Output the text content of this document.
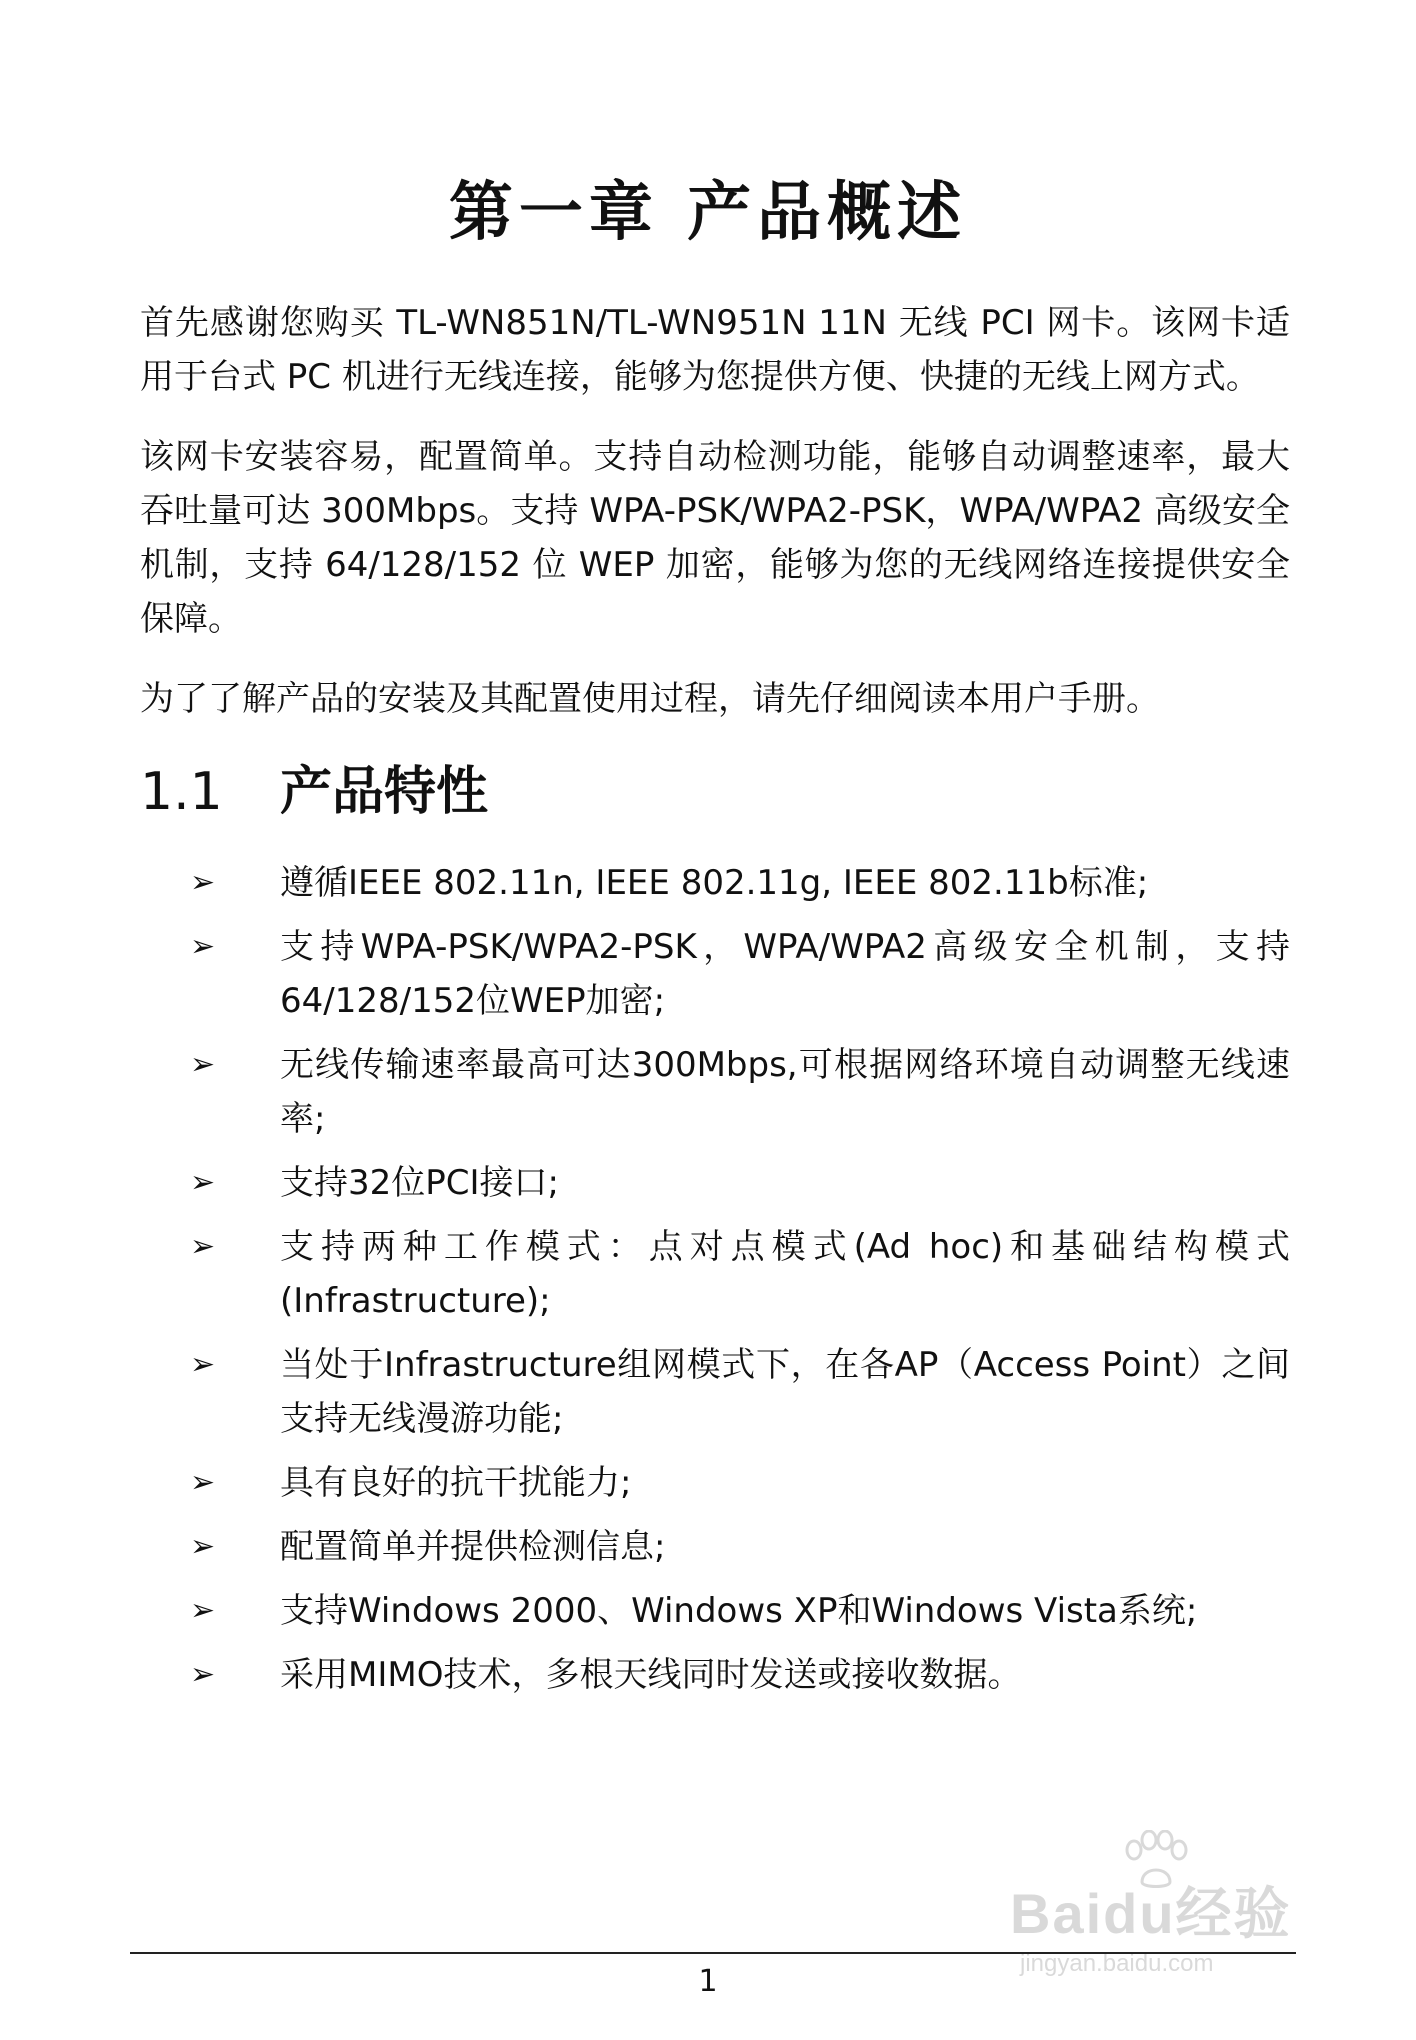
第一章 产品概述

首先感谢您购买 TL-WN851N/TL-WN951N 11N 无线 PCI 网卡。该网卡适用于台式 PC 机进行无线连接，能够为您提供方便、快捷的无线上网方式。

该网卡安装容易，配置简单。支持自动检测功能，能够自动调整速率，最大吞吐量可达 300Mbps。支持 WPA-PSK/WPA2-PSK，WPA/WPA2 高级安全机制，支持 64/128/152 位 WEP 加密，能够为您的无线网络连接提供安全保障。

为了了解产品的安装及其配置使用过程，请先仔细阅读本用户手册。

1.1 产品特性
➢ 遵循IEEE 802.11n, IEEE 802.11g, IEEE 802.11b标准;
➢ 支持WPA-PSK/WPA2-PSK，WPA/WPA2高级安全机制，支持64/128/152位WEP加密;
➢ 无线传输速率最高可达300Mbps,可根据网络环境自动调整无线速率;
➢ 支持32位PCI接口;
➢ 支持两种工作模式：点对点模式(Ad hoc)和基础结构模式(Infrastructure);
➢ 当处于Infrastructure组网模式下，在各AP（Access Point）之间支持无线漫游功能;
➢ 具有良好的抗干扰能力;
➢ 配置简单并提供检测信息;
➢ 支持Windows 2000、Windows XP和Windows Vista系统;
➢ 采用MIMO技术，多根天线同时发送或接收数据。
Baidu经验
jingyan.baidu.com
1
